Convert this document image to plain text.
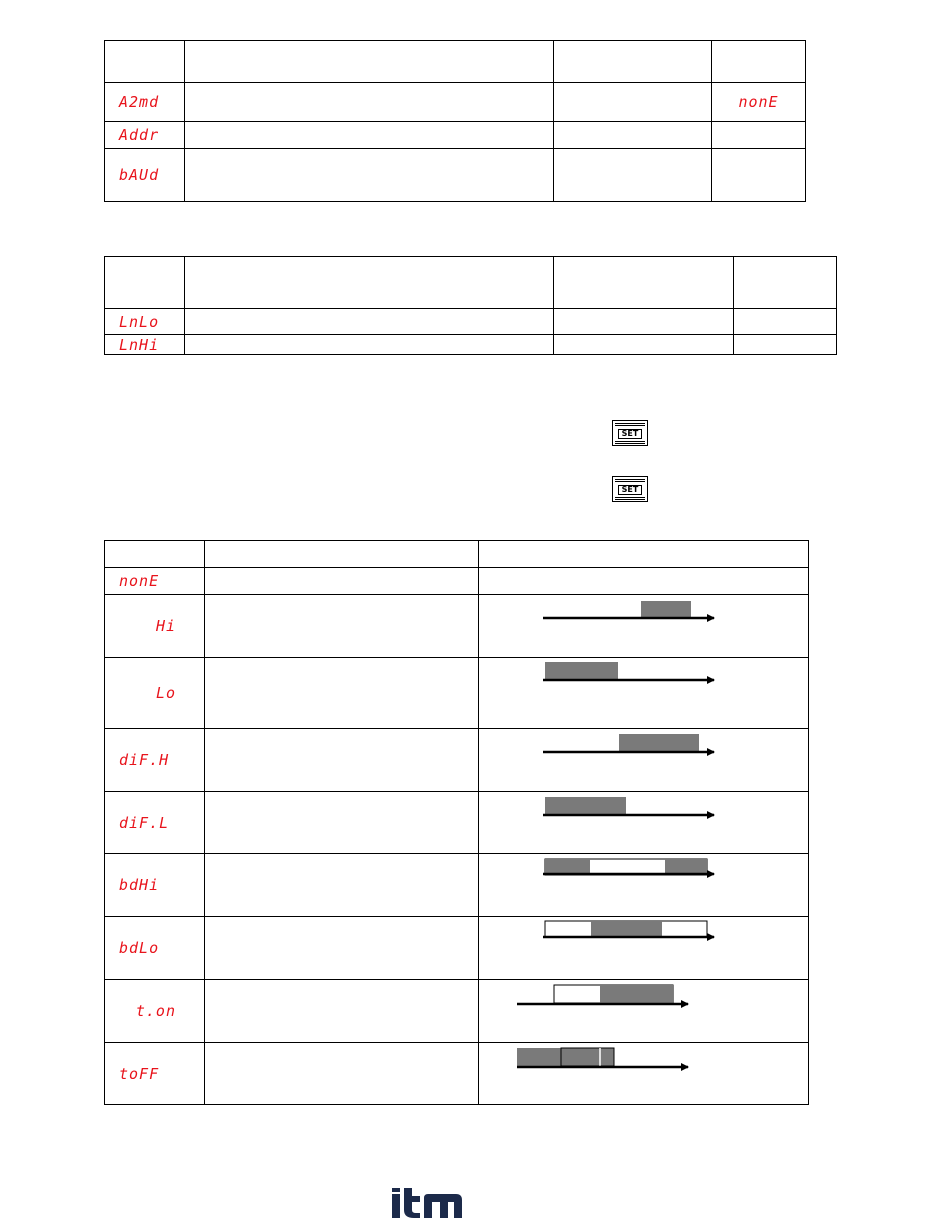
A2md			nonE
Addr			
bAUd			

LnLo			
LnHi			
SET
SET

nonE		
Hi		
Lo		
diF.H		
diF.L		
bdHi		
bdLo		
t.on		
toFF		
